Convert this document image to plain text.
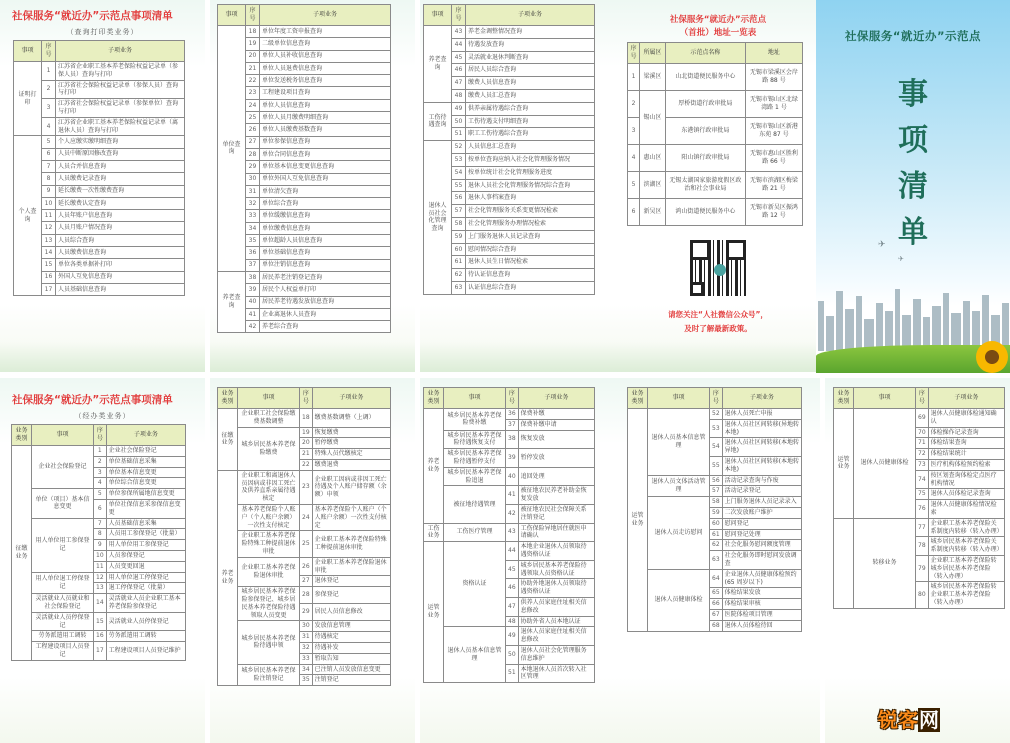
社保服务“就近办”示范点事项清单
（查询打印类业务）
事项	序号	子项业务
证明打印	1	江苏省企业职工基本养老保险权益记录单（参保人员）查询与打印
	2	江苏省社会保险权益记录单（参保人员）查询与打印
	3	江苏省社会保险权益记录单（参保单位）查询与打印
	4	江苏省企业职工基本养老保险权益记录单（离退休人员）查询与打印
个人查询	5	个人应缴实缴明细查询
	6	人员中断原因修改查询
	7	人员合并信息查询
	8	人员缴费记录查询
	9	延长缴费一次性缴费查询
	10	延长缴费认定查询
	11	人员年账户信息查询
	12	人员月账户情况查询
	13	人员综合查询
	14	人员缴费信息查询
	15	单位各类单据补打印
	16	外国人互免信息查询
	17	人员基础信息查询
事项	序号	子项业务
单位查询	18	单位年度工资申报查询
	19	二级单位信息查询
	20	单位人员补收信息查询
	21	单位人员退费信息查询
	22	单位发送税务信息查询
	23	工程建设项目查询
	24	单位人员信息查询
	25	单位人员月缴费明细查询
	26	单位人员缴费基数查询
	27	单位参保信息查询
	28	单位合同信息查询
	29	单位基本信息变更信息查询
	30	单位外国人互免信息查询
	31	单位清欠查询
	32	单位综合查询
	33	单位缓缴信息查询
	34	单位缴费信息查询
	35	单位超龄人员信息查询
	36	单位基础信息查询
	37	单位注销信息查询
养老查询	38	居民养老注销登记查询
	39	居民个人权益单打印
	40	居民养老待遇发放信息查询
	41	企业离退休人员查询
	42	养老综合查询
事项	序号	子项业务
养老查询	43	养老金调整情况查询
	44	待遇发放查询
	45	灵活就业退休判断查询
	46	居民人员综合查询
	47	缴费人员信息查询
	48	缴费人员汇总查询
工伤待遇查询	49	供养亲属待遇综合查询
	50	工伤待遇支付明细查询
	51	职工工伤待遇综合查询
退休人员社会化管理查询	52	人员信息汇总查询
	53	按单位查询应纳入社会化管理服务情况
	54	按单位统计社会化管理服务进度
	55	退休人员社会化管理服务情况综合查询
	56	退休人事档案查询
	57	社会化管理服务关系变更情况检索
	58	社会化管理服务办理情况检索
	59	上门服务退休人员记录查询
	60	慰问情况综合查询
	61	退休人员生日情况检索
	62	待认证信息查询
	63	认证信息综合查询
社保服务“就近办”示范点
（首批）地址一览表
序号	所属区	示范点名称	地址
1	梁溪区	山北街道便民服务中心	无锡市梁溪区会岸路 88 号
2	锡山区	厚桥街道行政审批局	无锡市锡山区北绿湾路 1 号
3		东港镇行政审批局	无锡市锡山区新港东苑 87 号
4	惠山区	阳山镇行政审批局	无锡市惠山区胜利路 66 号
5	滨湖区	无锡太湖国家旅游度假区政治和社会事业局	无锡市滨湖区梅梁路 21 号
6	新吴区	鸿山街道便民服务中心	无锡市新吴区振鸿路 12 号
请您关注“人社微信公众号”，
及时了解最新政策。
社保服务“就近办”示范点
事
项
清
单
✈
✈
社保服务“就近办”示范点事项清单
（经办类业务）
业务类别	事项	序号	子项业务
征缴业务	企业社会保险登记	1	企业社会保险登记
		2	单位基础信息采集
		3	单位基本信息变更
		4	单位综合信息变更
	单位（项目）基本信息变更	5	单位参保所属地信息变更
		6	单位社保信息采参保信息变更
	用人单位用工参保登记	7	人员基础信息采集
		8	人员用工参保登记（批量）
		9	用人单位用工参保登记
		10	人员参保登记
		11	人员变更回退
	用人单位退工停保登记	12	用人单位退工停保登记
		13	退工停保登记（批量）
	灵活就业人员就业和社会保险登记	14	灵活就业人员企业职工基本养老保险参保登记
	灵活就业人员停保登记	15	灵活就业人员停保登记
	劳务派遣用工调转	16	劳务派遣用工调转
	工程建设项目人员登记	17	工程建设项目人员登记维护
业务类别	事项	序号	子项业务
征缴业务	企业职工社会保险缴费基数调整	18	缴费基数调整（上调）
	城乡居民基本养老保险缴费	19	恢复缴费
		20	暂停缴费
		21	特殊人员代缴核定
		22	缴费退费
养老业务	企业职工和离退休人员因病或非因工死亡及供养直系亲属待遇核定	23	企业职工因病或非因工死亡待遇及个人账户储存额（余额）申领
	基本养老保险个人账户（个人账户余额）一次性支付核定	24	基本养老保险个人账户（个人账户余额）一次性支付核定
	企业职工基本养老保险特殊工种提前退休审批	25	企业职工基本养老保险特殊工种提前退休审批
	企业职工基本养老保险退休审批	26	企业职工基本养老保险退休审批
		27	退休登记
	城乡居民基本养老保险参保登记、城乡居民基本养老保险待遇领取人员变更	28	参保登记
		29	居民人员信息修改
	城乡居民基本养老保险待遇申领	30	发放信息管理
		31	待遇核定
		32	待遇补发
		33	暂取告知
	城乡居民基本养老保险注销登记	34	已注销人员发放信息变更
		35	注销登记
业务类别	事项	序号	子项业务
养老业务	城乡居民基本养老保险费补缴	36	保费补缴
		37	保费补缴申请
	城乡居民基本养老保险待遇恢复支付	38	恢复发放
	城乡居民基本养老保险待遇暂停支付	39	暂停发放
	城乡居民基本养老保险追退	40	追回处理
	被征地待遇管理	41	被征地农民养老补助金恢复发放
		42	被征地农民社会保障关系注销登记
工伤业务	工伤医疗管理	43	工伤保险异地居住就医申请确认
运管业务	资格认证	44	本地企业退休人员领取待遇资格认证
		45	城乡居民基本养老保险待遇领取人员资格认证
		46	协助外地退休人员领取待遇资格认证
		47	供养人员家庭住址相关信息修改
		48	协助外省人员本地认证
	退休人员基本信息管理	49	退休人员家庭住址相关信息修改
		50	退休人员社会化管理服务信息维护
		51	本地退休人员首次转入社区管理
业务类别	事项	序号	子项业务
运管业务	退休人员基本信息管理	52	退休人员死亡申报
		53	退休人员社区间转移(异地转本地)
		54	退休人员社区间转移(本地转异地)
		55	退休人员社区间转移(本地转本地)
	退休人员文体活动管理	56	活动记录查询与作废
		57	活动记录登记
	退休人员走访慰问	58	上门服务退休人员记录录入
		59	二次发放账户维护
		60	慰问登记
		61	慰问登记处理
		62	社会化服务慰问额度管理
		63	社会化服务即时慰问发放调查
	退休人员健康体检	64	企业退休人员健康体检预约(65 周岁以下)
		65	体检结果发放
		66	体检结果审核
		67	医院体检项目管理
		68	退休人员体检待回
业务类别	事项	序号	子项业务
运管业务	退休人员健康体检	69	退休人员健康体检通知确认
		70	体检操作记录查询
		71	体检结果查询
		72	体检结果统计
		73	医疗机构体检预约检索
		74	按区划查询体检定点医疗机构情况
		75	退休人员体检记录查询
		76	退休人员健康体检情况检索
	转移业务	77	企业职工基本养老保险关系制度内转移（转入办理）
		78	城乡居民基本养老保险关系制度内转移（转入办理）
		79	企业职工基本养老保险转城乡居民基本养老保险（转入办理）
		80	城乡居民基本养老保险转企业职工基本养老保险（转入办理）
锐客网
